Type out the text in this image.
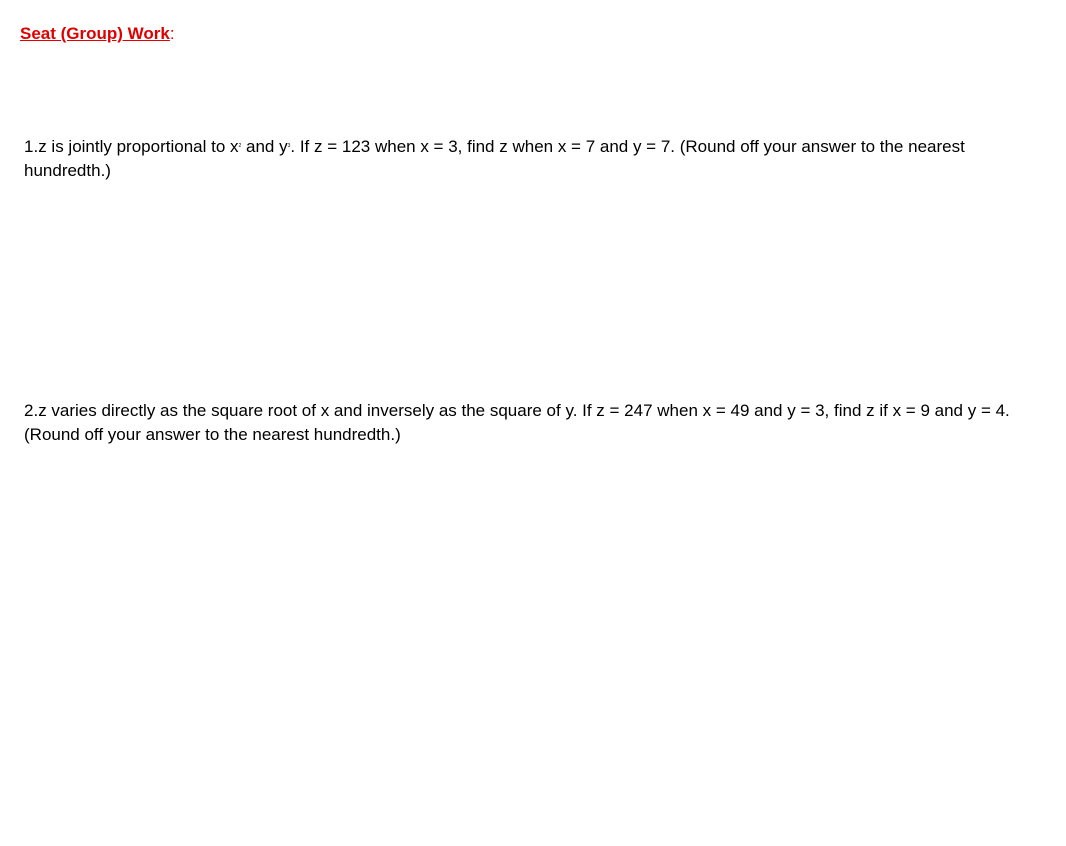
Seat (Group) Work:
1.z is jointly proportional to $x^2$ and $y^3$. If z = 123 when x = 3, find z when x = 7 and y = 7. (Round off your answer to the nearest hundredth.)
2.z varies directly as the square root of x and inversely as the square of y. If z = 247 when x = 49 and y = 3, find z if x = 9 and y = 4. (Round off your answer to the nearest hundredth.)
